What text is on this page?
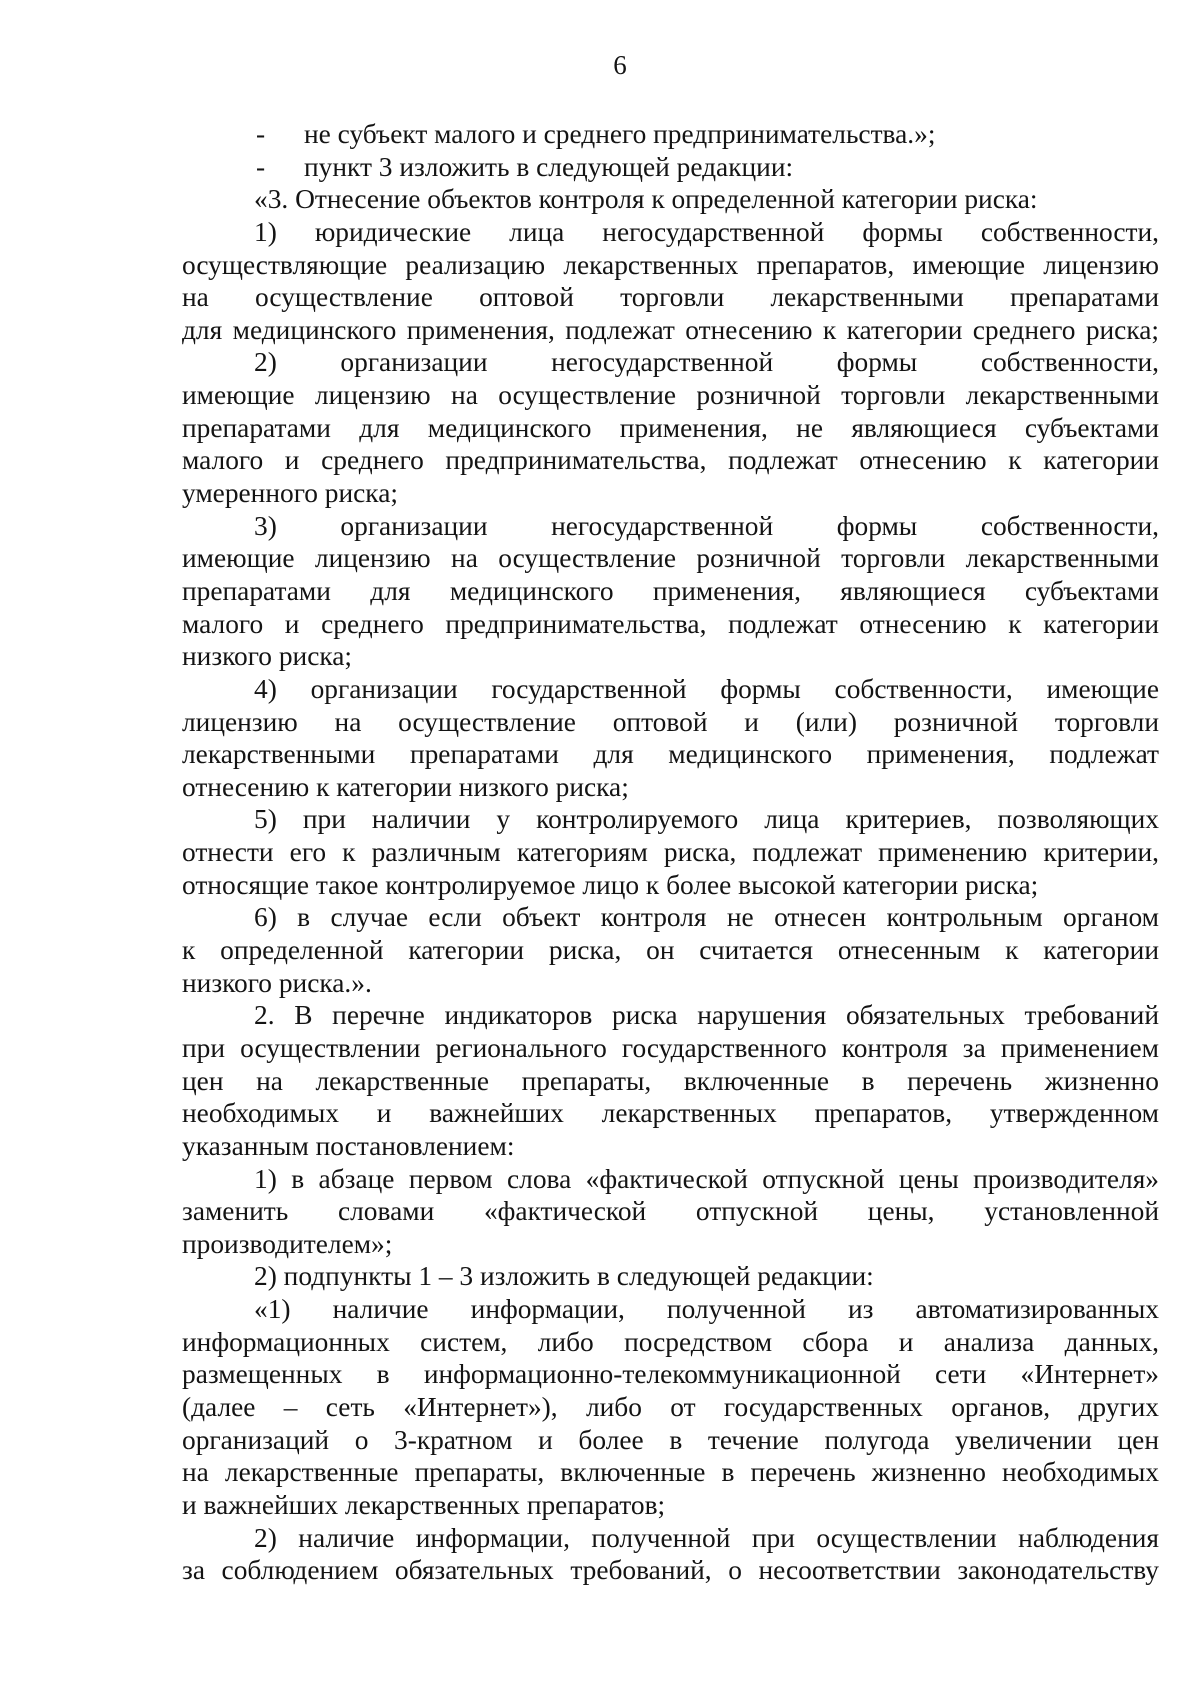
6
- не субъект малого и среднего предпринимательства.»;
- пункт 3 изложить в следующей редакции:
«3. Отнесение объектов контроля к определенной категории риска:
1) юридические лица негосударственной формы собственности,
осуществляющие реализацию лекарственных препаратов, имеющие лицензию
на осуществление оптовой торговли лекарственными препаратами
для медицинского применения, подлежат отнесению к категории среднего риска;
2) организации негосударственной формы собственности,
имеющие лицензию на осуществление розничной торговли лекарственными
препаратами для медицинского применения, не являющиеся субъектами
малого и среднего предпринимательства, подлежат отнесению к категории
умеренного риска;
3) организации негосударственной формы собственности,
имеющие лицензию на осуществление розничной торговли лекарственными
препаратами для медицинского применения, являющиеся субъектами
малого и среднего предпринимательства, подлежат отнесению к категории
низкого риска;
4) организации государственной формы собственности, имеющие
лицензию на осуществление оптовой и (или) розничной торговли
лекарственными препаратами для медицинского применения, подлежат
отнесению к категории низкого риска;
5) при наличии у контролируемого лица критериев, позволяющих
отнести его к различным категориям риска, подлежат применению критерии,
относящие такое контролируемое лицо к более высокой категории риска;
6) в случае если объект контроля не отнесен контрольным органом
к определенной категории риска, он считается отнесенным к категории
низкого риска.».
2. В перечне индикаторов риска нарушения обязательных требований
при осуществлении регионального государственного контроля за применением
цен на лекарственные препараты, включенные в перечень жизненно
необходимых и важнейших лекарственных препаратов, утвержденном
указанным постановлением:
1) в абзаце первом слова «фактической отпускной цены производителя»
заменить словами «фактической отпускной цены, установленной
производителем»;
2) подпункты 1 – 3 изложить в следующей редакции:
«1) наличие информации, полученной из автоматизированных
информационных систем, либо посредством сбора и анализа данных,
размещенных в информационно-телекоммуникационной сети «Интернет»
(далее – сеть «Интернет»), либо от государственных органов, других
организаций о 3-кратном и более в течение полугода увеличении цен
на лекарственные препараты, включенные в перечень жизненно необходимых
и важнейших лекарственных препаратов;
2) наличие информации, полученной при осуществлении наблюдения
за соблюдением обязательных требований, о несоответствии законодательству
